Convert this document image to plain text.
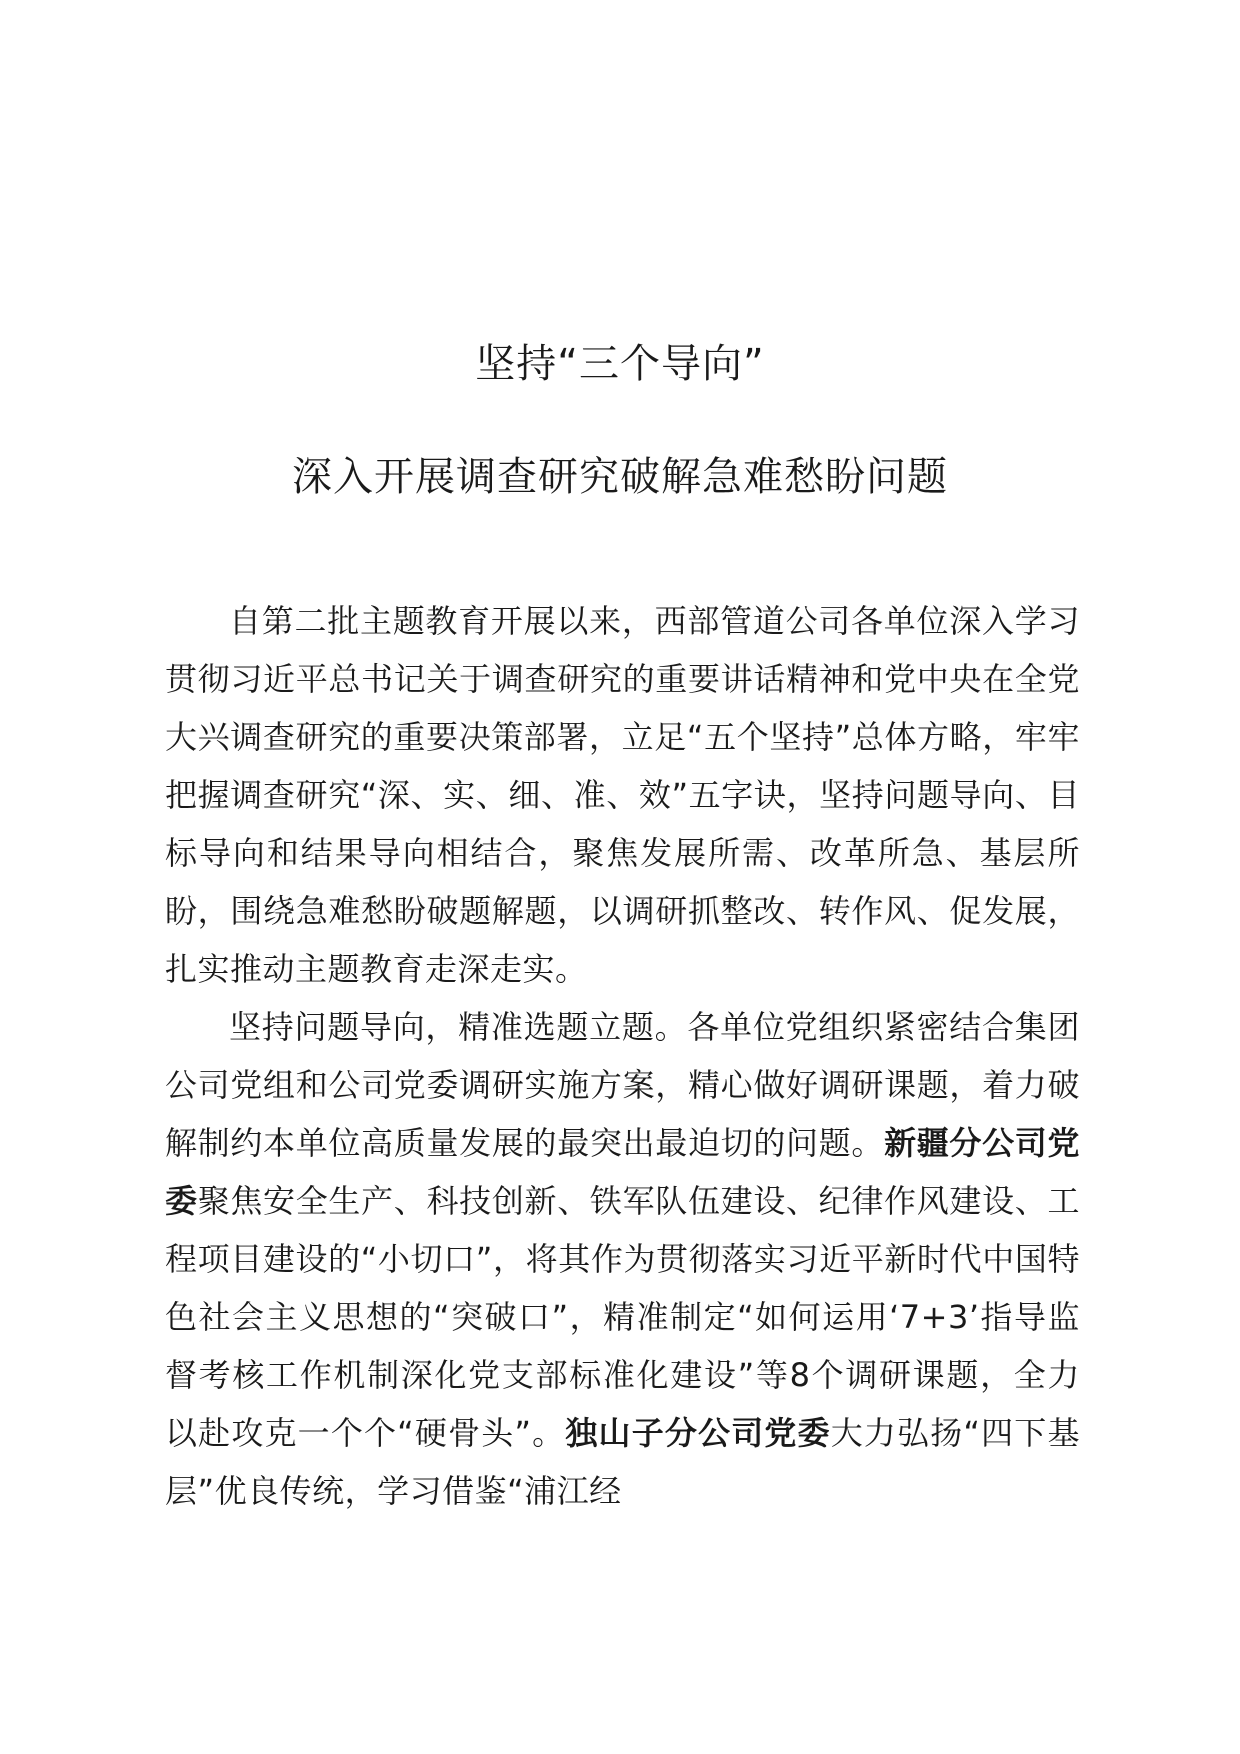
坚持“三个导向”
深入开展调查研究破解急难愁盼问题

自第二批主题教育开展以来，西部管道公司各单位深入学习贯彻习近平总书记关于调查研究的重要讲话精神和党中央在全党大兴调查研究的重要决策部署，立足“五个坚持”总体方略，牢牢把握调查研究“深、实、细、准、效”五字诀，坚持问题导向、目标导向和结果导向相结合，聚焦发展所需、改革所急、基层所盼，围绕急难愁盼破题解题，以调研抓整改、转作风、促发展，扎实推动主题教育走深走实。

坚持问题导向，精准选题立题。各单位党组织紧密结合集团公司党组和公司党委调研实施方案，精心做好调研课题，着力破解制约本单位高质量发展的最突出最迫切的问题。新疆分公司党委聚焦安全生产、科技创新、铁军队伍建设、纪律作风建设、工程项目建设的“小切口”，将其作为贯彻落实习近平新时代中国特色社会主义思想的“突破口”，精准制定“如何运用‘7+3’指导监督考核工作机制深化党支部标准化建设”等8个调研课题，全力以赴攻克一个个“硬骨头”。独山子分公司党委大力弘扬“四下基层”优良传统，学习借鉴“浦江经
